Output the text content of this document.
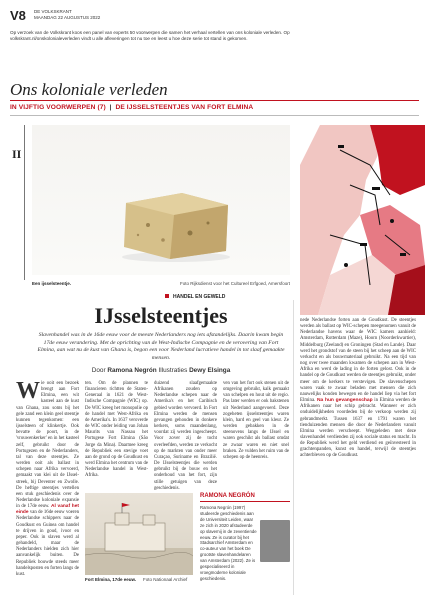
V8 DE VOLKSKRANT
MAANDAG 22 AUGUSTUS 2022
Op verzoek van de Volkskrant koos een panel van experts 50 voorwerpen die samen het verhaal vertellen van ons koloniale verleden. Op volkskrant.nl/onskolonialeverleden vindt u alle afleveringen tot nu toe en leest u hoe deze serie tot stand is gekomen.
Ons koloniale verleden
IN VIJFTIG VOORWERPEN (7)  |  DE IJSSELSTEENTJES VAN FORT ELMINA
II
Een ijsselsteentje.	Foto Rijksdienst voor het Cultureel Erfgoed, Amersfoort
nede Nederlandse forten aan de Goudkust. De steentjes werden als ballast op WIC-schepen meegenomen vanuit de Nederlandse havens waar de WIC kamers aanhield: Amsterdam, Rotterdam (Maze), Hoorn (Noorderkwartier), Middelburg (Zeeland) en Groningen (Stad en Lande). Daar werd het grondstof van de steen bij het scheep aan de WIC verkocht en als bouwmateriaal gebruikt. Na een tijd van nog over twee maanden kwamen de schepen aan in West-Afrika en werd de lading in de forten gelost. Ook in de handel op de Goudkust werden de steentjes gebruikt, onder meer om de kerkers te verstevigen. De slavenschepen waren vaak te zwaar beladen met mensen die zich nauwelijks konden bewegen en de handel liep via het fort Elmina. Na hun gevangenschap in Elmina werden de Afrikanen naar het schip gebracht. Wanneer er zich onduidelijkheden voordeden bij de verkoop werden zij gebrandmerkt. Tussen 1637 en 1791 waren het tienduizenden mensen die door de Nederlanders vanuit Elmina werden verscheept. Weggeleden met deze slavenhandel verdienden zij ook sociale status en macht. In de Republiek werd het geld verdiend en geïnvesteerd in grachtenpanden, kunst en handel, terwijl de steentjes achterbleven op de Goudkust.
HANDEL EN GEWELD
IJsselsteentjes
Slavenhandel was in de 16de eeuw voor de meeste Nederlanders nog iets afstandelijks. Daarin kwam begin 17de eeuw verandering. Met de oprichting van de West-Indische Compagnie en de verovering van Fort Elmina, aan wat nu de kust van Ghana is, begon een voor Nederland lucratieve handel in tot slaaf gemaakte mensen.
Door Ramona Negrón Illustraties Dewy Elsinga
Wie ooit een bezoek brengt aan Fort Elmina, een wit kasteel aan de kust van Ghana, zou soms bij het gele zand een klein geel steentje kunnen tegenkomen: een ijsselsteen of klinkertje. Ook bevatte de poort, in de 'vrouwenkerker' en in het kasteel zelf, gebruikt door de Portugezen en de Nederlanders, tal van deze steentjes. Ze werden ooit als ballast in schepen naar Afrika vervoerd, gemaakt van klei uit de IJssel-streek, bij Deventer en Zwolle. De heftige steentjes vertellen een stuk geschiedenis over de Nederlandse koloniale expansie in de 17de eeuw. Al vanaf het einde van de 16de eeuw voeren Nederlandse schippers naar de Goudkust en Guinea om handel te drijven in goud, ivoor en peper. Ook in slaven werd al gehandeld, maar de Nederlanders hielden zich hier aanvankelijk buiten. De Republiek bouwde steeds meer handelsposten en forten langs de kust.
ten. Om de plannen te financieren richtten de Staten-Generaal in 1621 de West-Indische Compagnie (WIC) op. De WIC kreeg het monopolie op de handel met West-Afrika en de Amerika's. In 1637 veroverde de WIC onder leiding van Johan Maurits van Nassau het Portugese Fort Elmina (São Jorge da Mina). Daarmee kreeg de Republiek een stevige voet aan de grond op de Goudkust en werd Elmina het centrum van de Nederlandse handel in West-Afrika.
duizend slaafgemaakte Afrikanen zouden op Nederlandse schepen naar de Amerika's en het Caribisch gebied worden vervoerd. In Fort Elmina werden de mensen gevangen gehouden in donkere kerkers, soms maandenlang, voordat zij werden ingescheept. Voor zover zij de tocht overleefden, werden ze verkocht op de markten van onder meer Curaçao, Suriname en Brazilië. De IJsselsteentjes die werden gebruikt bij de bouw en het onderhoud van het fort, zijn stille getuigen van deze geschiedenis.
ven van het fort ook stenen uit de omgeving gebruikt, kalk gemaakt van schelpen en hout uit de regio. Pas later werden er ook bakstenen uit Nederland aangevoerd. Deze zogeheten ijsselsteentjes waren klein, hard en geel van kleur. Ze werden gebakken in de steenovens langs de IJssel en waren geschikt als ballast omdat ze zwaar waren en niet snel braken. Ze vulden het ruim van de schepen op de heenreis.
Fort Elmina, 17de eeuw. Foto Nationaal Archief
RAMONA NEGRÓN
Ramona Negrón (1997) studeerde geschiedenis aan de Universiteit Leiden, waar ze zich in 2020 afstudeerde op slavernij in de zeventiende eeuw. Ze is curator bij het Stadsarchief Amsterdam en co-auteur van het boek De grootste slavenhandelaren van Amsterdam (2022). Ze is gespecialiseerd in vroegmoderne koloniale geschiedenis.
